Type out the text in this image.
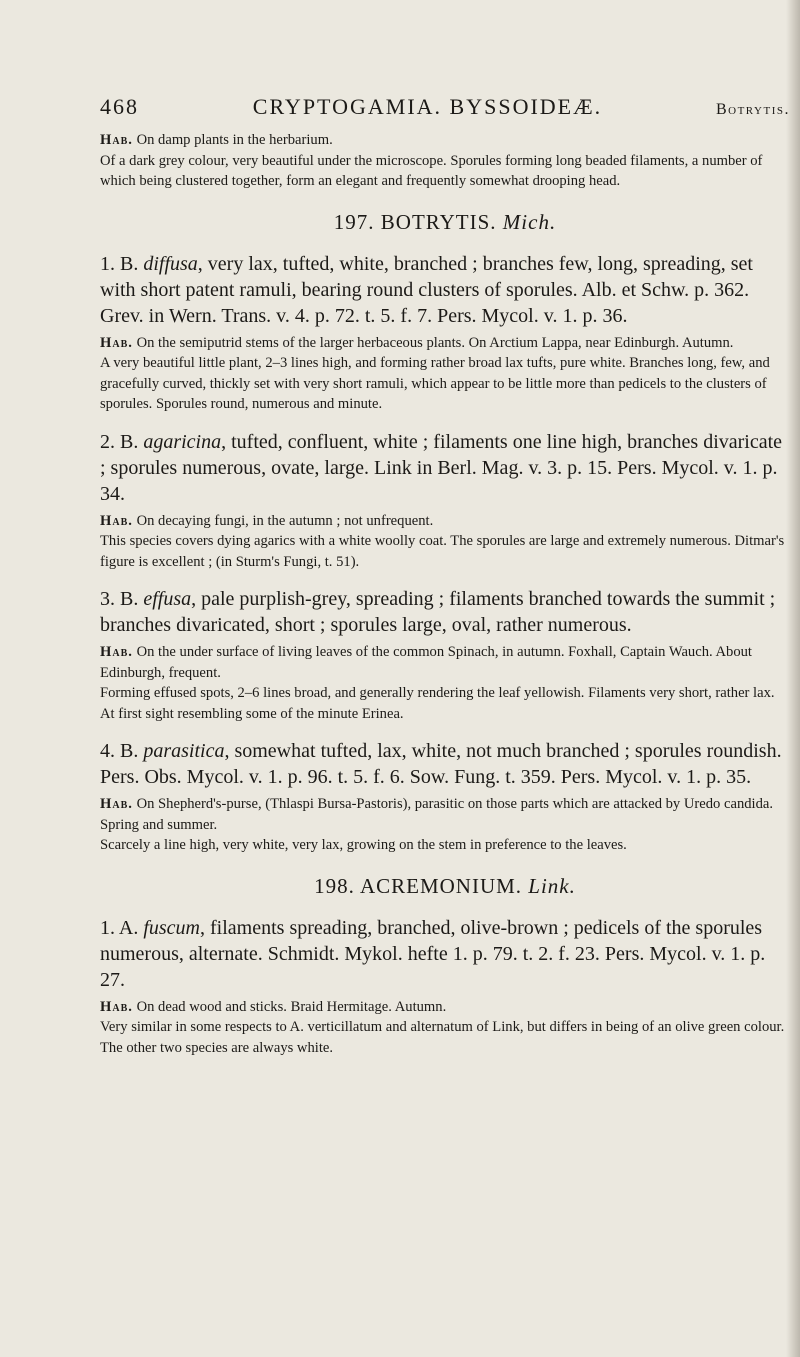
468	CRYPTOGAMIA. BYSSOIDEÆ.	Botrytis.

Hab. On damp plants in the herbarium.

Of a dark grey colour, very beautiful under the microscope. Sporules forming long beaded filaments, a number of which being clustered together, form an elegant and frequently somewhat drooping head.

197. BOTRYTIS. Mich.

1. B. diffusa, very lax, tufted, white, branched ; branches few, long, spreading, set with short patent ramuli, bearing round clusters of sporules. Alb. et Schw. p. 362. Grev. in Wern. Trans. v. 4. p. 72. t. 5. f. 7. Pers. Mycol. v. 1. p. 36.

Hab. On the semiputrid stems of the larger herbaceous plants. On Arctium Lappa, near Edinburgh. Autumn.

A very beautiful little plant, 2–3 lines high, and forming rather broad lax tufts, pure white. Branches long, few, and gracefully curved, thickly set with very short ramuli, which appear to be little more than pedicels to the clusters of sporules. Sporules round, numerous and minute.

2. B. agaricina, tufted, confluent, white ; filaments one line high, branches divaricate ; sporules numerous, ovate, large. Link in Berl. Mag. v. 3. p. 15. Pers. Mycol. v. 1. p. 34.

Hab. On decaying fungi, in the autumn ; not unfrequent.

This species covers dying agarics with a white woolly coat. The sporules are large and extremely numerous. Ditmar's figure is excellent ; (in Sturm's Fungi, t. 51).

3. B. effusa, pale purplish-grey, spreading ; filaments branched towards the summit ; branches divaricated, short ; sporules large, oval, rather numerous.

Hab. On the under surface of living leaves of the common Spinach, in autumn. Foxhall, Captain Wauch. About Edinburgh, frequent.

Forming effused spots, 2–6 lines broad, and generally rendering the leaf yellowish. Filaments very short, rather lax. At first sight resembling some of the minute Erinea.

4. B. parasitica, somewhat tufted, lax, white, not much branched ; sporules roundish. Pers. Obs. Mycol. v. 1. p. 96. t. 5. f. 6. Sow. Fung. t. 359. Pers. Mycol. v. 1. p. 35.

Hab. On Shepherd's-purse, (Thlaspi Bursa-Pastoris), parasitic on those parts which are attacked by Uredo candida. Spring and summer.

Scarcely a line high, very white, very lax, growing on the stem in preference to the leaves.

198. ACREMONIUM. Link.

1. A. fuscum, filaments spreading, branched, olive-brown ; pedicels of the sporules numerous, alternate. Schmidt. Mykol. hefte 1. p. 79. t. 2. f. 23. Pers. Mycol. v. 1. p. 27.

Hab. On dead wood and sticks. Braid Hermitage. Autumn.

Very similar in some respects to A. verticillatum and alternatum of Link, but differs in being of an olive green colour. The other two species are always white.
